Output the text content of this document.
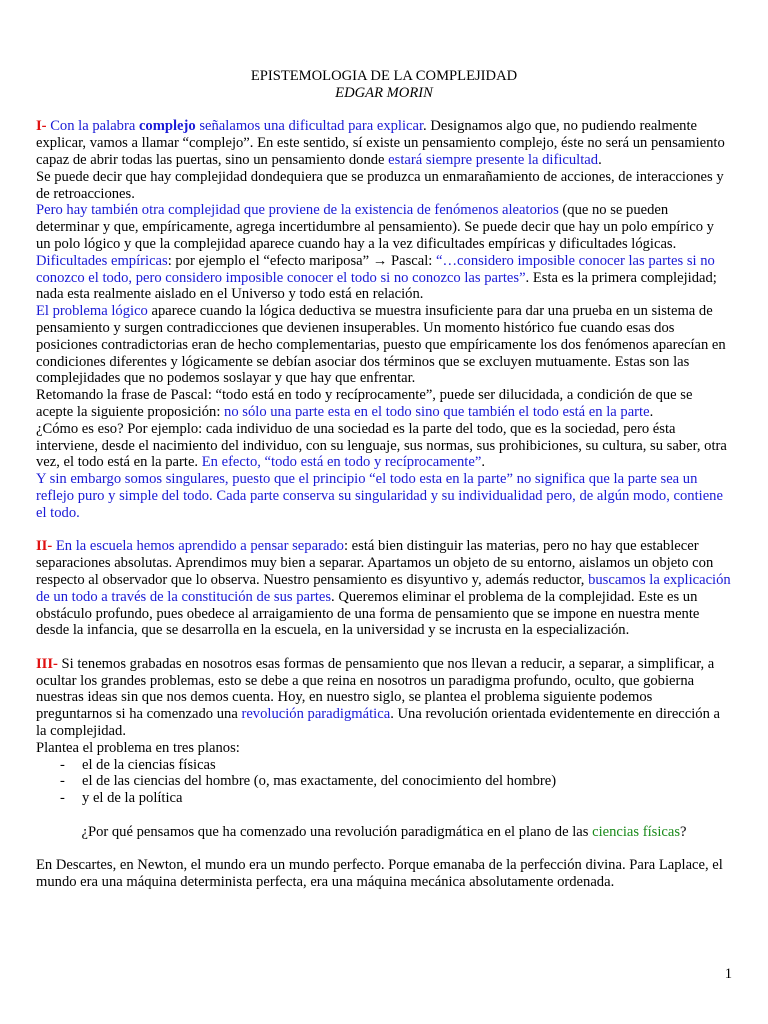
EPISTEMOLOGIA DE LA COMPLEJIDAD

EDGAR MORIN

I- Con la palabra complejo señalamos una dificultad para explicar. Designamos algo que, no pudiendo realmente explicar, vamos a llamar “complejo”. En este sentido, sí existe un pensamiento complejo, éste no será un pensamiento capaz de abrir todas las puertas, sino un pensamiento donde estará siempre presente la dificultad.

Se puede decir que hay complejidad dondequiera que se produzca un enmarañamiento de acciones, de interacciones y de retroacciones.

Pero hay también otra complejidad que proviene de la existencia de fenómenos aleatorios (que no se pueden determinar y que, empíricamente, agrega incertidumbre al pensamiento). Se puede decir que hay un polo empírico y un polo lógico y que la complejidad aparece cuando hay a la vez dificultades empíricas y dificultades lógicas.

Dificultades empíricas: por ejemplo el “efecto mariposa” → Pascal: “…considero imposible conocer las partes si no conozco el todo, pero considero imposible conocer el todo si no conozco las partes”. Esta es la primera complejidad; nada esta realmente aislado en el Universo y todo está en relación.

El problema lógico aparece cuando la lógica deductiva se muestra insuficiente para dar una prueba en un sistema de pensamiento y surgen contradicciones que devienen insuperables. Un momento histórico fue cuando esas dos posiciones contradictorias eran de hecho complementarias, puesto que empíricamente los dos fenómenos aparecían en condiciones diferentes y lógicamente se debían asociar dos términos que se excluyen mutuamente. Estas son las complejidades que no podemos soslayar y que hay que enfrentar.

Retomando la frase de Pascal: “todo está en todo y recíprocamente”, puede ser dilucidada, a condición de que se acepte la siguiente proposición: no sólo una parte esta en el todo sino que también el todo está en la parte.

¿Cómo es eso? Por ejemplo: cada individuo de una sociedad es la parte del todo, que es la sociedad, pero ésta interviene, desde el nacimiento del individuo, con su lenguaje, sus normas, sus prohibiciones, su cultura, su saber, otra vez, el todo está en la parte. En efecto, “todo está en todo y recíprocamente”.

Y sin embargo somos singulares, puesto que el principio “el todo esta en la parte” no significa que la parte sea un reflejo puro y simple del todo. Cada parte conserva su singularidad y su individualidad pero, de algún modo, contiene el todo.

II- En la escuela hemos aprendido a pensar separado: está bien distinguir las materias, pero no hay que establecer separaciones absolutas. Aprendimos muy bien a separar. Apartamos un objeto de su entorno, aislamos un objeto con respecto al observador que lo observa. Nuestro pensamiento es disyuntivo y, además reductor, buscamos la explicación de un todo a través de la constitución de sus partes. Queremos eliminar el problema de la complejidad. Este es un obstáculo profundo, pues obedece al arraigamiento de una forma de pensamiento que se impone en nuestra mente desde la infancia, que se desarrolla en la escuela, en la universidad y se incrusta en la especialización.

III- Si tenemos grabadas en nosotros esas formas de pensamiento que nos llevan a reducir, a separar, a simplificar, a ocultar los grandes problemas, esto se debe a que reina en nosotros un paradigma profundo, oculto, que gobierna nuestras ideas sin que nos demos cuenta. Hoy, en nuestro siglo, se plantea el problema siguiente podemos preguntarnos si ha comenzado una revolución paradigmática. Una revolución orientada evidentemente en dirección a la complejidad.

Plantea el problema en tres planos:

- el de la ciencias físicas
- el de las ciencias del hombre (o, mas exactamente, del conocimiento del hombre)
- y el de la política

¿Por qué pensamos que ha comenzado una revolución paradigmática en el plano de las ciencias físicas?

En Descartes, en Newton, el mundo era un mundo perfecto. Porque emanaba de la perfección divina. Para Laplace, el mundo era una máquina determinista perfecta, era una máquina mecánica absolutamente ordenada.

1
